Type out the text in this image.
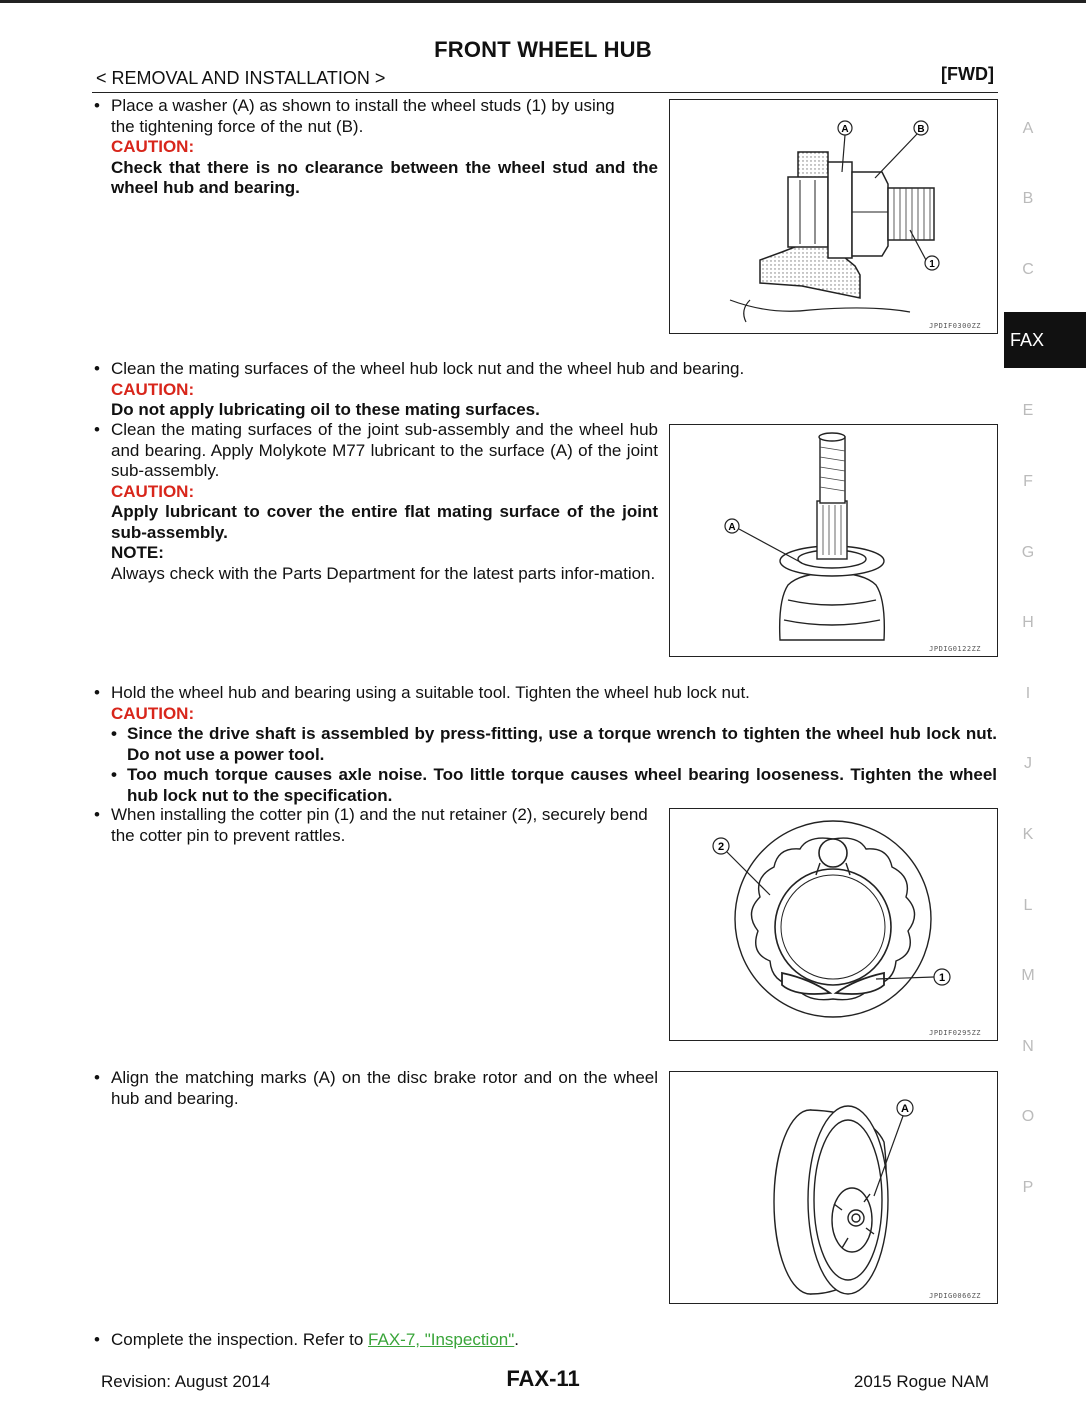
FRONT WHEEL HUB
< REMOVAL AND INSTALLATION >	[FWD]

• Place a washer (A) as shown to install the wheel studs (1) by using

the tightening force of the nut (B).

CAUTION:

Check that there is no clearance between the wheel stud and the wheel hub and bearing.

A	B
1
JPDIF0300ZZ

• Clean the mating surfaces of the wheel hub lock nut and the wheel hub and bearing.

CAUTION:

Do not apply lubricating oil to these mating surfaces.

• Clean the mating surfaces of the joint sub-assembly and the wheel hub and bearing. Apply Molykote M77 lubricant to the surface (A) of the joint sub-assembly.

CAUTION:

Apply lubricant to cover the entire flat mating surface of the joint sub-assembly.

NOTE:

Always check with the Parts Department for the latest parts infor-mation.

A
JPDIG0122ZZ

• Hold the wheel hub and bearing using a suitable tool. Tighten the wheel hub lock nut.

CAUTION:

• Since the drive shaft is assembled by press-fitting, use a torque wrench to tighten the wheel hub lock nut. Do not use a power tool.

• Too much torque causes axle noise. Too little torque causes wheel bearing looseness. Tighten the wheel hub lock nut to the specification.

• When installing the cotter pin (1) and the nut retainer (2), securely bend the cotter pin to prevent rattles.

2
1
JPDIF0295ZZ

• Align the matching marks (A) on the disc brake rotor and on the wheel hub and bearing.

A
JPDIG0066ZZ

• Complete the inspection. Refer to FAX-7, "Inspection".

A
B
C
FAX
E
F
G
H
I
J
K
L
M
N
O
P
Revision: August 2014	FAX-11	2015 Rogue NAM
